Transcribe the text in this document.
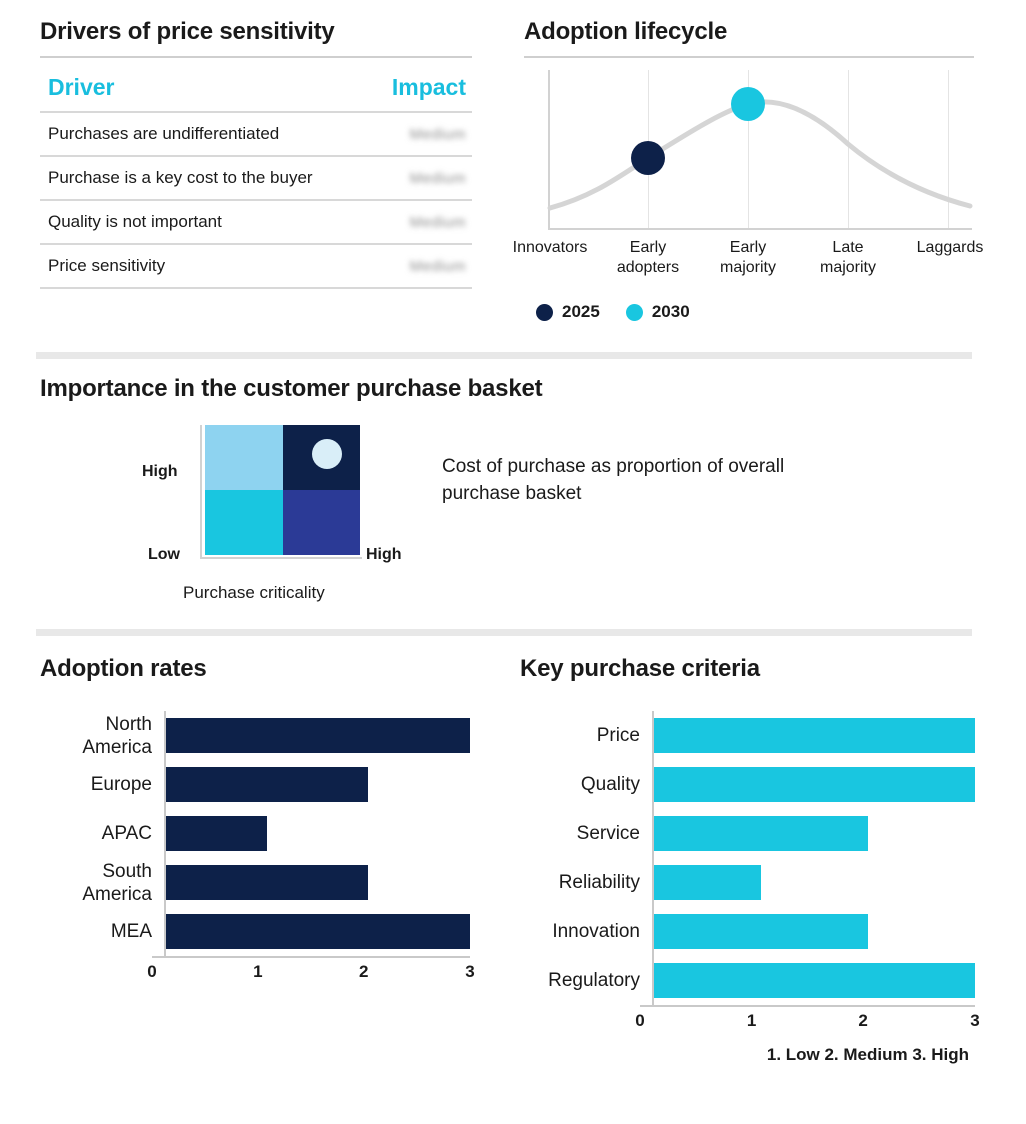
Drivers of price sensitivity
Driver	Impact
Purchases are undifferentiated	Medium
Purchase is a key cost to the buyer	Medium
Quality is not important	Medium
Price sensitivity	Medium
Adoption lifecycle
Innovators	Early
adopters
Early
majority
Late
majority
Laggards
2025	2030
Importance in the customer purchase basket
High
Low	High
Purchase criticality
Cost of purchase as proportion of overall purchase basket
Adoption rates
North
America
Europe
APAC
South
America
MEA
0	1	2	3
Key purchase criteria
Price
Quality
Service
Reliability
Innovation
Regulatory
0	1	2	3
1. Low 2. Medium 3. High
